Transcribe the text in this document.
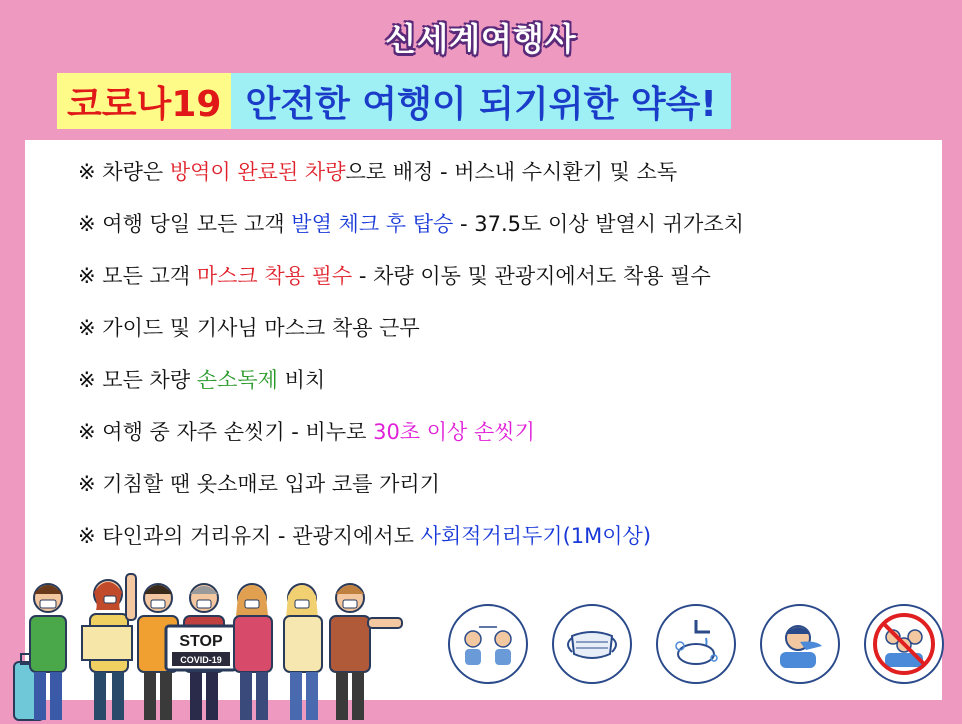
신세계여행사
코로나19 안전한 여행이 되기위한 약속!
※ 차량은 방역이 완료된 차량으로 배정 - 버스내 수시환기 및 소독
※ 여행 당일 모든 고객 발열 체크 후 탑승 - 37.5도 이상 발열시 귀가조치
※ 모든 고객 마스크 착용 필수 - 차량 이동 및 관광지에서도 착용 필수
※ 가이드 및 기사님 마스크 착용 근무
※ 모든 차량 손소독제 비치
※ 여행 중 자주 손씻기 - 비누로 30초 이상 손씻기
※ 기침할 땐 옷소매로 입과 코를 가리기
※ 타인과의 거리유지 - 관광지에서도 사회적거리두기(1M이상)
STOP
COVID-19
